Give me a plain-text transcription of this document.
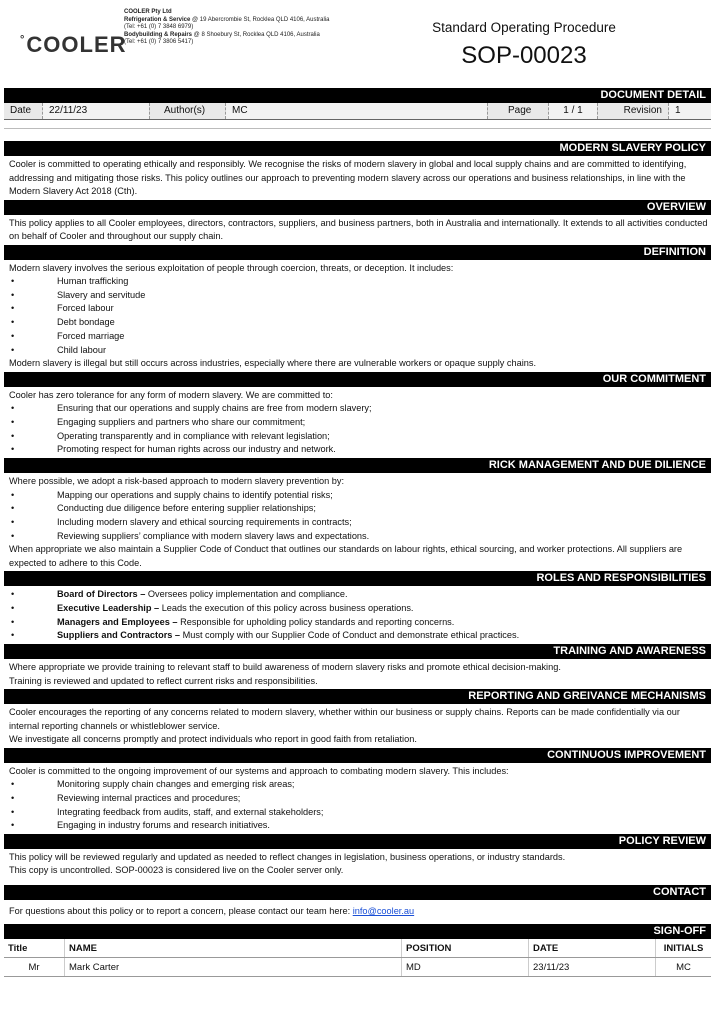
°COOLER
COOLER Pty Ltd
Refrigeration & Service @ 19 Abercrombie St, Rocklea QLD 4106, Australia
(Tel: +61 (0) 7 3848 6979)
Bodybuilding & Repairs @ 8 Shoebury St, Rocklea QLD 4106, Australia
(Tel: +61 (0) 7 3806 5417)
Standard Operating Procedure
SOP-00023
DOCUMENT DETAIL
Date	22/11/23	Author(s)	MC	Page	1 / 1	Revision	1
MODERN SLAVERY POLICY

Cooler is committed to operating ethically and responsibly. We recognise the risks of modern slavery in global and local supply chains and are committed to identifying, addressing and mitigating those risks. This policy outlines our approach to preventing modern slavery across our operations and business relationships, in line with the Modern Slavery Act 2018 (Cth).

OVERVIEW

This policy applies to all Cooler employees, directors, contractors, suppliers, and business partners, both in Australia and internationally. It extends to all activities conducted on behalf of Cooler and throughout our supply chain.

DEFINITION

Modern slavery involves the serious exploitation of people through coercion, threats, or deception. It includes:

• Human trafficking
• Slavery and servitude
• Forced labour
• Debt bondage
• Forced marriage
• Child labour

Modern slavery is illegal but still occurs across industries, especially where there are vulnerable workers or opaque supply chains.

OUR COMMITMENT

Cooler has zero tolerance for any form of modern slavery. We are committed to:

• Ensuring that our operations and supply chains are free from modern slavery;
• Engaging suppliers and partners who share our commitment;
• Operating transparently and in compliance with relevant legislation;
• Promoting respect for human rights across our industry and network.
RICK MANAGEMENT AND DUE DILIENCE

Where possible, we adopt a risk-based approach to modern slavery prevention by:

• Mapping our operations and supply chains to identify potential risks;
• Conducting due diligence before entering supplier relationships;
• Including modern slavery and ethical sourcing requirements in contracts;
• Reviewing suppliers’ compliance with modern slavery laws and expectations.

When appropriate we also maintain a Supplier Code of Conduct that outlines our standards on labour rights, ethical sourcing, and worker protections. All suppliers are expected to adhere to this Code.

ROLES AND RESPONSIBILITIES
• Board of Directors – Oversees policy implementation and compliance.
• Executive Leadership – Leads the execution of this policy across business operations.
• Managers and Employees – Responsible for upholding policy standards and reporting concerns.
• Suppliers and Contractors – Must comply with our Supplier Code of Conduct and demonstrate ethical practices.
TRAINING AND AWARENESS

Where appropriate we provide training to relevant staff to build awareness of modern slavery risks and promote ethical decision-making.

Training is reviewed and updated to reflect current risks and responsibilities.

REPORTING AND GREIVANCE MECHANISMS

Cooler encourages the reporting of any concerns related to modern slavery, whether within our business or supply chains. Reports can be made confidentially via our internal reporting channels or whistleblower service.

We investigate all concerns promptly and protect individuals who report in good faith from retaliation.

CONTINUOUS IMPROVEMENT

Cooler is committed to the ongoing improvement of our systems and approach to combating modern slavery. This includes:

• Monitoring supply chain changes and emerging risk areas;
• Reviewing internal practices and procedures;
• Integrating feedback from audits, staff, and external stakeholders;
• Engaging in industry forums and research initiatives.
POLICY REVIEW

This policy will be reviewed regularly and updated as needed to reflect changes in legislation, business operations, or industry standards.

This copy is uncontrolled. SOP-00023 is considered live on the Cooler server only.

CONTACT
For questions about this policy or to report a concern, please contact our team here: info@cooler.au
SIGN-OFF
Title	NAME	POSITION	DATE	INITIALS
Mr	Mark Carter	MD	23/11/23	MC
